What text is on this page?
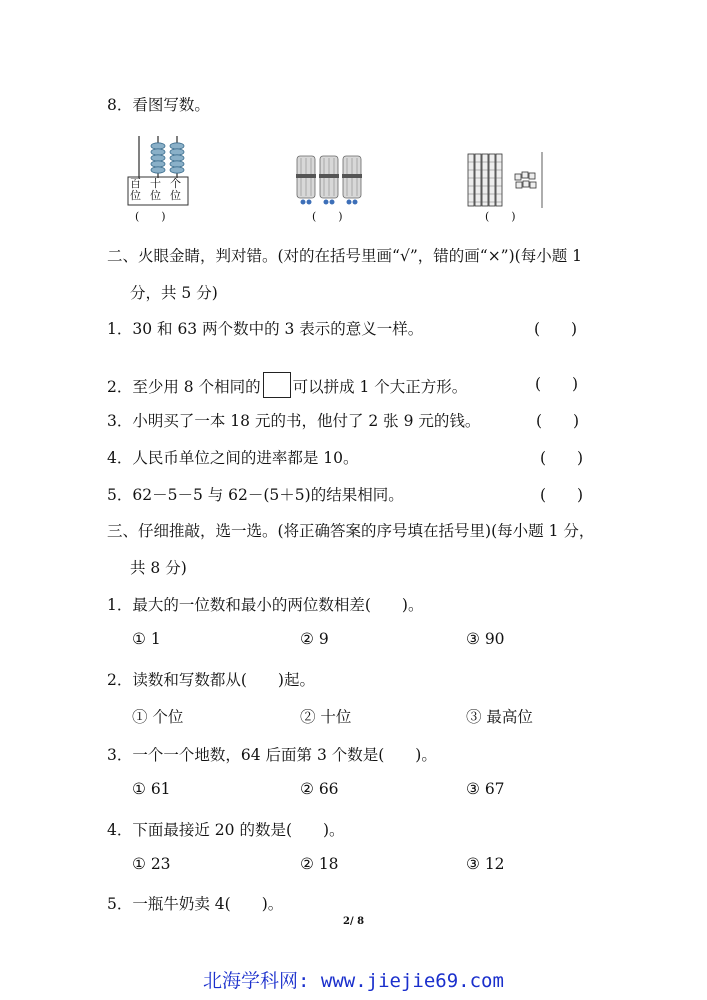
8．看图写数。
百
位
十
位
个
位
(　　)	(　　)	(　　)
二、火眼金睛，判对错。(对的在括号里画“√”，错的画“×”)(每小题 1
分，共 5 分)
1．30 和 63 两个数中的 3 表示的意义一样。	(　　)
2．至少用 8 个相同的 可以拼成 1 个大正方形。	(　　)
3．小明买了一本 18 元的书，他付了 2 张 9 元的钱。	(　　)
4．人民币单位之间的进率都是 10。	(　　)
5．62－5－5 与 62－(5＋5)的结果相同。	(　　)
三、仔细推敲，选一选。(将正确答案的序号填在括号里)(每小题 1 分，
共 8 分)
1．最大的一位数和最小的两位数相差(　　)。
① 1	② 9	③ 90
2．读数和写数都从(　　)起。
① 个位	② 十位	③ 最高位
3．一个一个地数，64 后面第 3 个数是(　　)。
① 61	② 66	③ 67
4．下面最接近 20 的数是(　　)。
① 23	② 18	③ 12
5．一瓶牛奶卖 4(　　)。
2/ 8
北海学科网: www.jiejie69.com
